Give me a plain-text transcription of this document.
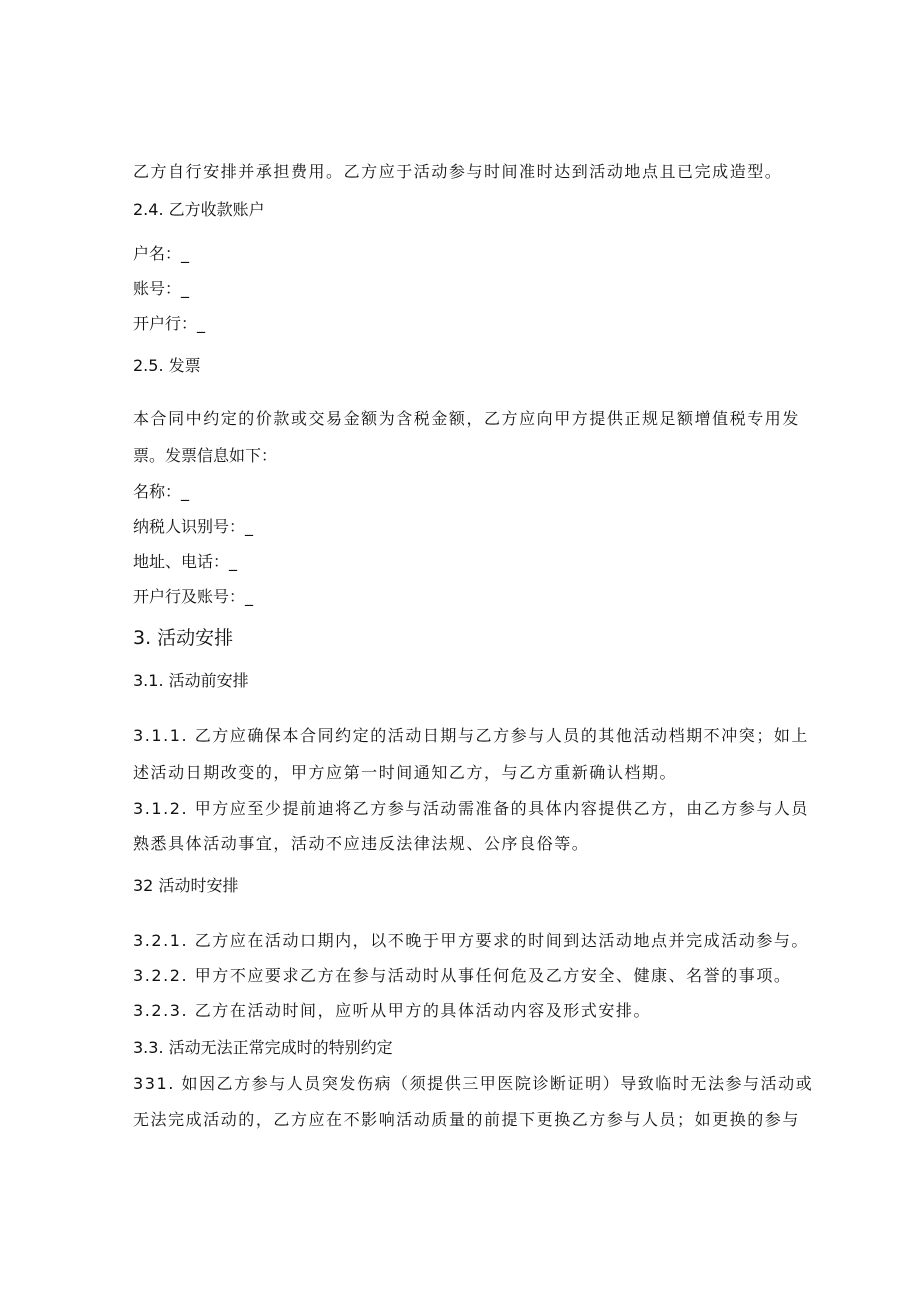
乙方自行安排并承担费用。乙方应于活动参与时间准时达到活动地点且已完成造型。
2.4. 乙方收款账户
户名：_
账号：_
开户行：_
2.5. 发票
本合同中约定的价款或交易金额为含税金额，乙方应向甲方提供正规足额增值税专用发
票。发票信息如下：
名称：_
纳税人识别号：_
地址、电话：_
开户行及账号：_
3. 活动安排
3.1. 活动前安排
3.1.1. 乙方应确保本合同约定的活动日期与乙方参与人员的其他活动档期不冲突；如上
述活动日期改变的，甲方应第一时间通知乙方，与乙方重新确认档期。
3.1.2. 甲方应至少提前迪将乙方参与活动需准备的具体内容提供乙方，由乙方参与人员
熟悉具体活动事宜，活动不应违反法律法规、公序良俗等。
32 活动时安排
3.2.1. 乙方应在活动口期内，以不晚于甲方要求的时间到达活动地点并完成活动参与。
3.2.2. 甲方不应要求乙方在参与活动时从事任何危及乙方安全、健康、名誉的事项。
3.2.3. 乙方在活动时间，应听从甲方的具体活动内容及形式安排。
3.3. 活动无法正常完成时的特别约定
331. 如因乙方参与人员突发伤病（须提供三甲医院诊断证明）导致临时无法参与活动或
无法完成活动的，乙方应在不影响活动质量的前提下更换乙方参与人员；如更换的参与
